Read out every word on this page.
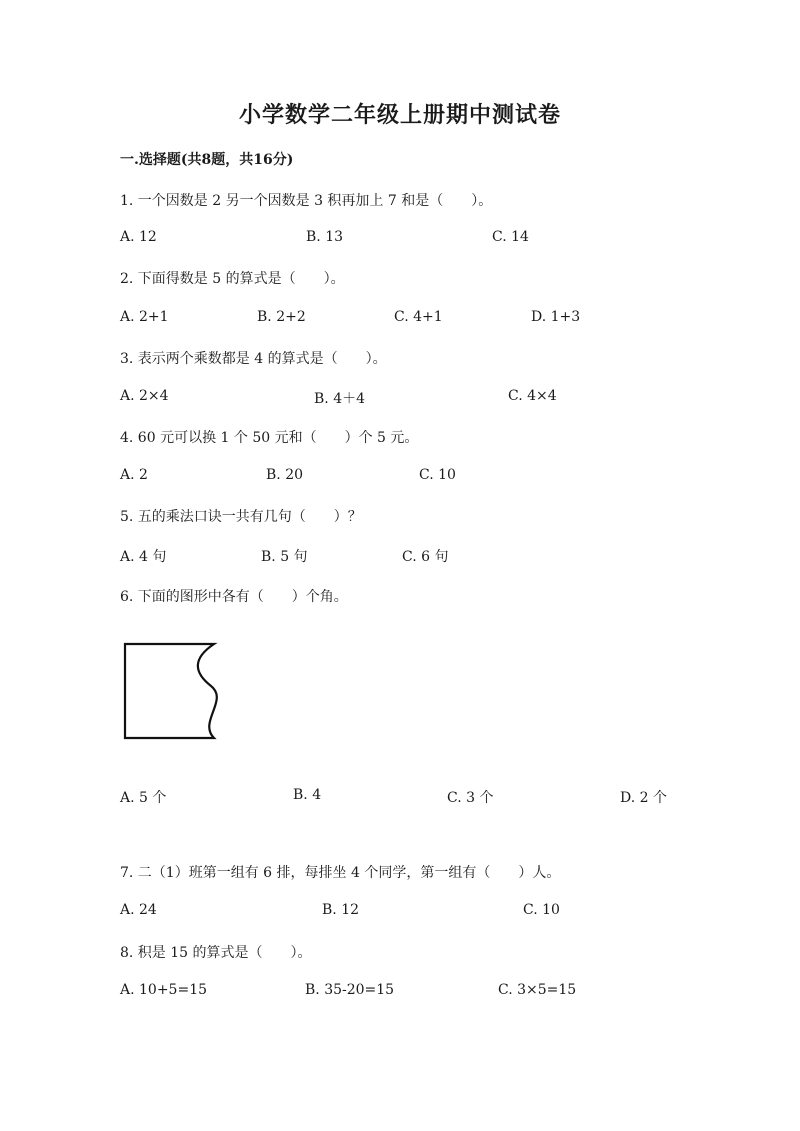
小学数学二年级上册期中测试卷
一.选择题(共8题，共16分)
1. 一个因数是 2 另一个因数是 3 积再加上 7 和是（　　）。
A. 12	B. 13	C. 14
2. 下面得数是 5 的算式是（　　）。
A. 2+1	B. 2+2	C. 4+1	D. 1+3
3. 表示两个乘数都是 4 的算式是（　　）。
A. 2×4	B. 4＋4	C. 4×4
4. 60 元可以换 1 个 50 元和（　　）个 5 元。
A. 2	B. 20	C. 10
5. 五的乘法口诀一共有几句（　　）？
A. 4 句	B. 5 句	C. 6 句
6. 下面的图形中各有（　　）个角。
A. 5 个	B. 4	C. 3 个	D. 2 个
7. 二（1）班第一组有 6 排，每排坐 4 个同学，第一组有（　　）人。
A. 24	B. 12	C. 10
8. 积是 15 的算式是（　　）。
A. 10+5=15	B. 35-20=15	C. 3×5=15
